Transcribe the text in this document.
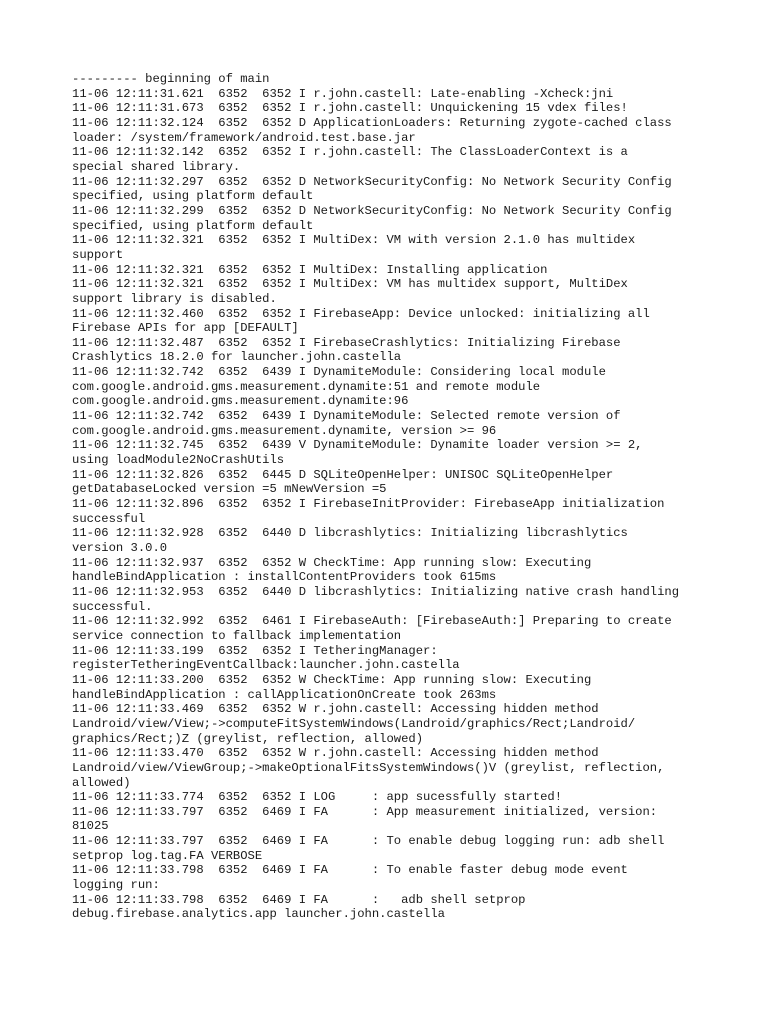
--------- beginning of main
11-06 12:11:31.621  6352  6352 I r.john.castell: Late-enabling -Xcheck:jni
11-06 12:11:31.673  6352  6352 I r.john.castell: Unquickening 15 vdex files!
11-06 12:11:32.124  6352  6352 D ApplicationLoaders: Returning zygote-cached class
loader: /system/framework/android.test.base.jar
11-06 12:11:32.142  6352  6352 I r.john.castell: The ClassLoaderContext is a
special shared library.
11-06 12:11:32.297  6352  6352 D NetworkSecurityConfig: No Network Security Config
specified, using platform default
11-06 12:11:32.299  6352  6352 D NetworkSecurityConfig: No Network Security Config
specified, using platform default
11-06 12:11:32.321  6352  6352 I MultiDex: VM with version 2.1.0 has multidex
support
11-06 12:11:32.321  6352  6352 I MultiDex: Installing application
11-06 12:11:32.321  6352  6352 I MultiDex: VM has multidex support, MultiDex
support library is disabled.
11-06 12:11:32.460  6352  6352 I FirebaseApp: Device unlocked: initializing all
Firebase APIs for app [DEFAULT]
11-06 12:11:32.487  6352  6352 I FirebaseCrashlytics: Initializing Firebase
Crashlytics 18.2.0 for launcher.john.castella
11-06 12:11:32.742  6352  6439 I DynamiteModule: Considering local module
com.google.android.gms.measurement.dynamite:51 and remote module
com.google.android.gms.measurement.dynamite:96
11-06 12:11:32.742  6352  6439 I DynamiteModule: Selected remote version of
com.google.android.gms.measurement.dynamite, version >= 96
11-06 12:11:32.745  6352  6439 V DynamiteModule: Dynamite loader version >= 2,
using loadModule2NoCrashUtils
11-06 12:11:32.826  6352  6445 D SQLiteOpenHelper: UNISOC SQLiteOpenHelper
getDatabaseLocked version =5 mNewVersion =5
11-06 12:11:32.896  6352  6352 I FirebaseInitProvider: FirebaseApp initialization
successful
11-06 12:11:32.928  6352  6440 D libcrashlytics: Initializing libcrashlytics
version 3.0.0
11-06 12:11:32.937  6352  6352 W CheckTime: App running slow: Executing
handleBindApplication : installContentProviders took 615ms
11-06 12:11:32.953  6352  6440 D libcrashlytics: Initializing native crash handling
successful.
11-06 12:11:32.992  6352  6461 I FirebaseAuth: [FirebaseAuth:] Preparing to create
service connection to fallback implementation
11-06 12:11:33.199  6352  6352 I TetheringManager:
registerTetheringEventCallback:launcher.john.castella
11-06 12:11:33.200  6352  6352 W CheckTime: App running slow: Executing
handleBindApplication : callApplicationOnCreate took 263ms
11-06 12:11:33.469  6352  6352 W r.john.castell: Accessing hidden method
Landroid/view/View;->computeFitSystemWindows(Landroid/graphics/Rect;Landroid/
graphics/Rect;)Z (greylist, reflection, allowed)
11-06 12:11:33.470  6352  6352 W r.john.castell: Accessing hidden method
Landroid/view/ViewGroup;->makeOptionalFitsSystemWindows()V (greylist, reflection,
allowed)
11-06 12:11:33.774  6352  6352 I LOG     : app sucessfully started!
11-06 12:11:33.797  6352  6469 I FA      : App measurement initialized, version:
81025
11-06 12:11:33.797  6352  6469 I FA      : To enable debug logging run: adb shell
setprop log.tag.FA VERBOSE
11-06 12:11:33.798  6352  6469 I FA      : To enable faster debug mode event
logging run:
11-06 12:11:33.798  6352  6469 I FA      :   adb shell setprop
debug.firebase.analytics.app launcher.john.castella
